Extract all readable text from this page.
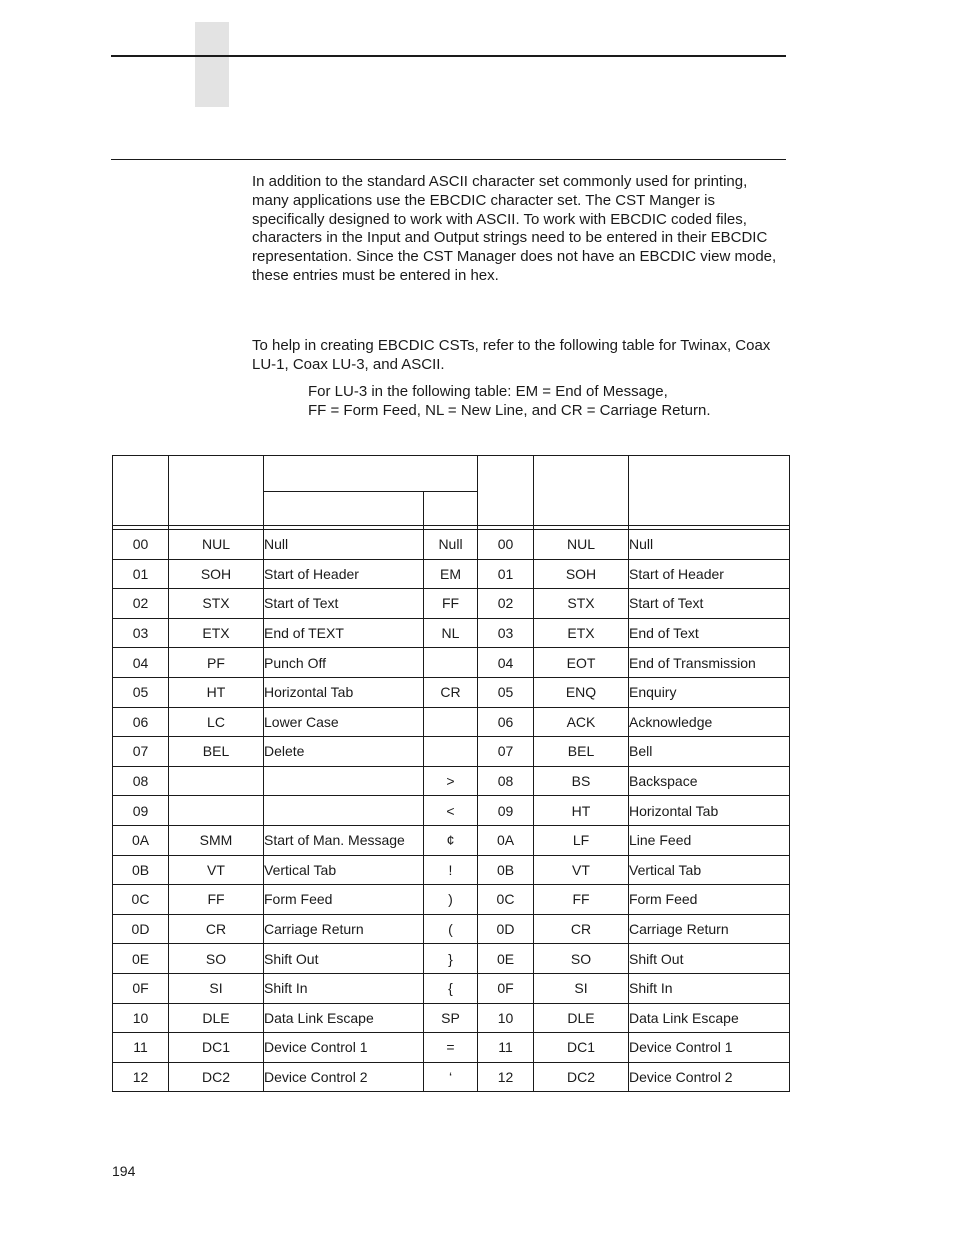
In addition to the standard ASCII character set commonly used for printing, many applications use the EBCDIC character set. The CST Manger is specifically designed to work with ASCII. To work with EBCDIC coded files, characters in the Input and Output strings need to be entered in their EBCDIC representation. Since the CST Manager does not have an EBCDIC view mode, these entries must be entered in hex.

To help in creating EBCDIC CSTs, refer to the following table for Twinax, Coax LU-1, Coax LU-3, and ASCII.

For LU-3 in the following table: EM = End of Message,
FF = Form Feed, NL = New Line, and CR = Carriage Return.

00	NUL	Null	Null	00	NUL	Null
01	SOH	Start of Header	EM	01	SOH	Start of Header
02	STX	Start of Text	FF	02	STX	Start of Text
03	ETX	End of TEXT	NL	03	ETX	End of Text
04	PF	Punch Off		04	EOT	End of Transmission
05	HT	Horizontal Tab	CR	05	ENQ	Enquiry
06	LC	Lower Case		06	ACK	Acknowledge
07	BEL	Delete		07	BEL	Bell
08			>	08	BS	Backspace
09			<	09	HT	Horizontal Tab
0A	SMM	Start of Man. Message	¢	0A	LF	Line Feed
0B	VT	Vertical Tab	!	0B	VT	Vertical Tab
0C	FF	Form Feed	)	0C	FF	Form Feed
0D	CR	Carriage Return	(	0D	CR	Carriage Return
0E	SO	Shift Out	}	0E	SO	Shift Out
0F	SI	Shift In	{	0F	SI	Shift In
10	DLE	Data Link Escape	SP	10	DLE	Data Link Escape
11	DC1	Device Control 1	=	11	DC1	Device Control 1
12	DC2	Device Control 2	‘	12	DC2	Device Control 2
194
